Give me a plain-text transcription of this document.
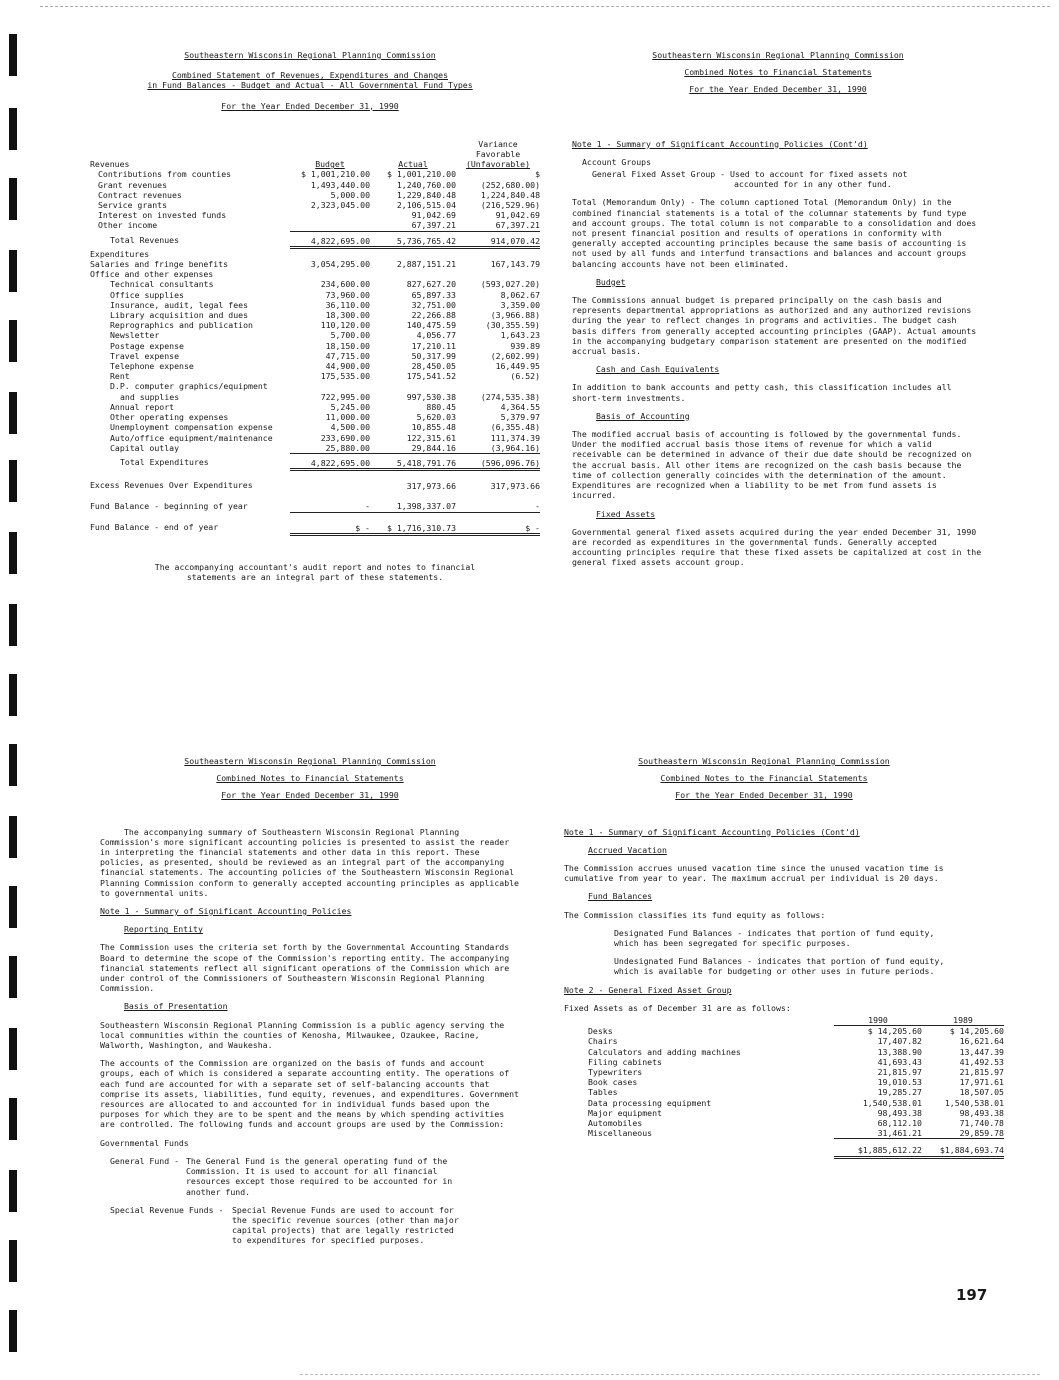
Southeastern Wisconsin Regional Planning Commission
Combined Statement of Revenues, Expenditures and Changes
in Fund Balances - Budget and Actual - All Governmental Fund Types
For the Year Ended December 31, 1990
			Variance
			Favorable
Revenues	Budget	Actual	(Unfavorable)
Contributions from counties	$ 1,001,210.00	$ 1,001,210.00	$
Grant revenues	1,493,440.00	1,240,760.00	(252,680.00)
Contract revenues	5,000.00	1,229,840.48	1,224,840.48
Service grants	2,323,045.00	2,106,515.04	(216,529.96)
Interest on invested funds		91,042.69	91,042.69
Other income		67,397.21	67,397.21
Total Revenues	4,822,695.00	5,736,765.42	914,070.42
Expenditures			
Salaries and fringe benefits	3,054,295.00	2,887,151.21	167,143.79
Office and other expenses			
Technical consultants	234,600.00	827,627.20	(593,027.20)
Office supplies	73,960.00	65,897.33	8,062.67
Insurance, audit, legal fees	36,110.00	32,751.00	3,359.00
Library acquisition and dues	18,300.00	22,266.88	(3,966.88)
Reprographics and publication	110,120.00	140,475.59	(30,355.59)
Newsletter	5,700.00	4,056.77	1,643.23
Postage expense	18,150.00	17,210.11	939.89
Travel expense	47,715.00	50,317.99	(2,602.99)
Telephone expense	44,900.00	28,450.05	16,449.95
Rent	175,535.00	175,541.52	(6.52)
D.P. computer graphics/equipment			
and supplies	722,995.00	997,530.38	(274,535.38)
Annual report	5,245.00	880.45	4,364.55
Other operating expenses	11,000.00	5,620.03	5,379.97
Unemployment compensation expense	4,500.00	10,855.48	(6,355.48)
Auto/office equipment/maintenance	233,690.00	122,315.61	111,374.39
Capital outlay	25,880.00	29,844.16	(3,964.16)
Total Expenditures	4,822,695.00	5,418,791.76	(596,096.76)
Excess Revenues Over Expenditures		317,973.66	317,973.66
Fund Balance - beginning of year	-	1,398,337.07	-
Fund Balance - end of year	$ -	$ 1,716,310.73	$ -
The accompanying accountant's audit report and notes to financial
statements are an integral part of these statements.
Southeastern Wisconsin Regional Planning Commission
Combined Notes to Financial Statements
For the Year Ended December 31, 1990
Note 1 - Summary of Significant Accounting Policies (Cont'd)
Account Groups
General Fixed Asset Group - Used to account for fixed assets not
accounted for in any other fund.

Total (Memorandum Only) - The column captioned Total (Memorandum Only) in the combined financial statements is a total of the columnar statements by fund type and account groups. The total column is not comparable to a consolidation and does not present financial position and results of operations in conformity with generally accepted accounting principles because the same basis of accounting is not used by all funds and interfund transactions and balances and account groups balancing accounts have not been eliminated.

Budget

The Commissions annual budget is prepared principally on the cash basis and represents departmental appropriations as authorized and any authorized revisions during the year to reflect changes in programs and activities. The budget cash basis differs from generally accepted accounting principles (GAAP). Actual amounts in the accompanying budgetary comparison statement are presented on the modified accrual basis.

Cash and Cash Equivalents

In addition to bank accounts and petty cash, this classification includes all short-term investments.

Basis of Accounting

The modified accrual basis of accounting is followed by the governmental funds. Under the modified accrual basis those items of revenue for which a valid receivable can be determined in advance of their due date should be recognized on the accrual basis. All other items are recognized on the cash basis because the time of collection generally coincides with the determination of the amount. Expenditures are recognized when a liability to be met from fund assets is incurred.

Fixed Assets

Governmental general fixed assets acquired during the year ended December 31, 1990 are recorded as expenditures in the governmental funds. Generally accepted accounting principles require that these fixed assets be capitalized at cost in the general fixed assets account group.

Southeastern Wisconsin Regional Planning Commission
Combined Notes to Financial Statements
For the Year Ended December 31, 1990

The accompanying summary of Southeastern Wisconsin Regional Planning Commission's more significant accounting policies is presented to assist the reader in interpreting the financial statements and other data in this report. These policies, as presented, should be reviewed as an integral part of the accompanying financial statements. The accounting policies of the Southeastern Wisconsin Regional Planning Commission conform to generally accepted accounting principles as applicable to governmental units.

Note 1 - Summary of Significant Accounting Policies
Reporting Entity

The Commission uses the criteria set forth by the Governmental Accounting Standards Board to determine the scope of the Commission's reporting entity. The accompanying financial statements reflect all significant operations of the Commission which are under control of the Commissioners of Southeastern Wisconsin Regional Planning Commission.

Basis of Presentation

Southeastern Wisconsin Regional Planning Commission is a public agency serving the local communities within the counties of Kenosha, Milwaukee, Ozaukee, Racine, Walworth, Washington, and Waukesha.

The accounts of the Commission are organized on the basis of funds and account groups, each of which is considered a separate accounting entity. The operations of each fund are accounted for with a separate set of self-balancing accounts that comprise its assets, liabilities, fund equity, revenues, and expenditures. Government resources are allocated to and accounted for in individual funds based upon the purposes for which they are to be spent and the means by which spending activities are controlled. The following funds and account groups are used by the Commission:

Governmental Funds
General Fund - The General Fund is the general operating fund of the Commission. It is used to account for all financial resources except those required to be accounted for in another fund.
Special Revenue Funds -	Special Revenue Funds are used to account for the specific revenue sources (other than major capital projects) that are legally restricted to expenditures for specified purposes.
Southeastern Wisconsin Regional Planning Commission
Combined Notes to the Financial Statements
For the Year Ended December 31, 1990
Note 1 - Summary of Significant Accounting Policies (Cont'd)
Accrued Vacation

The Commission accrues unused vacation time since the unused vacation time is cumulative from year to year. The maximum accrual per individual is 20 days.

Fund Balances

The Commission classifies its fund equity as follows:

Designated Fund Balances - indicates that portion of fund equity, which has been segregated for specific purposes.

Undesignated Fund Balances - indicates that portion of fund equity, which is available for budgeting or other uses in future periods.

Note 2 - General Fixed Asset Group
Fixed Assets as of December 31 are as follows:
	1990	1989
Desks	$ 14,205.60	$ 14,205.60
Chairs	17,407.82	16,621.64
Calculators and adding machines	13,388.90	13,447.39
Filing cabinets	41,693.43	41,492.53
Typewriters	21,815.97	21,815.97
Book cases	19,010.53	17,971.61
Tables	19,285.27	18,507.05
Data processing equipment	1,540,538.01	1,540,538.01
Major equipment	98,493.38	98,493.38
Automobiles	68,112.10	71,740.78
Miscellaneous	31,461.21	29,859.78
	$1,885,612.22	$1,884,693.74
197
